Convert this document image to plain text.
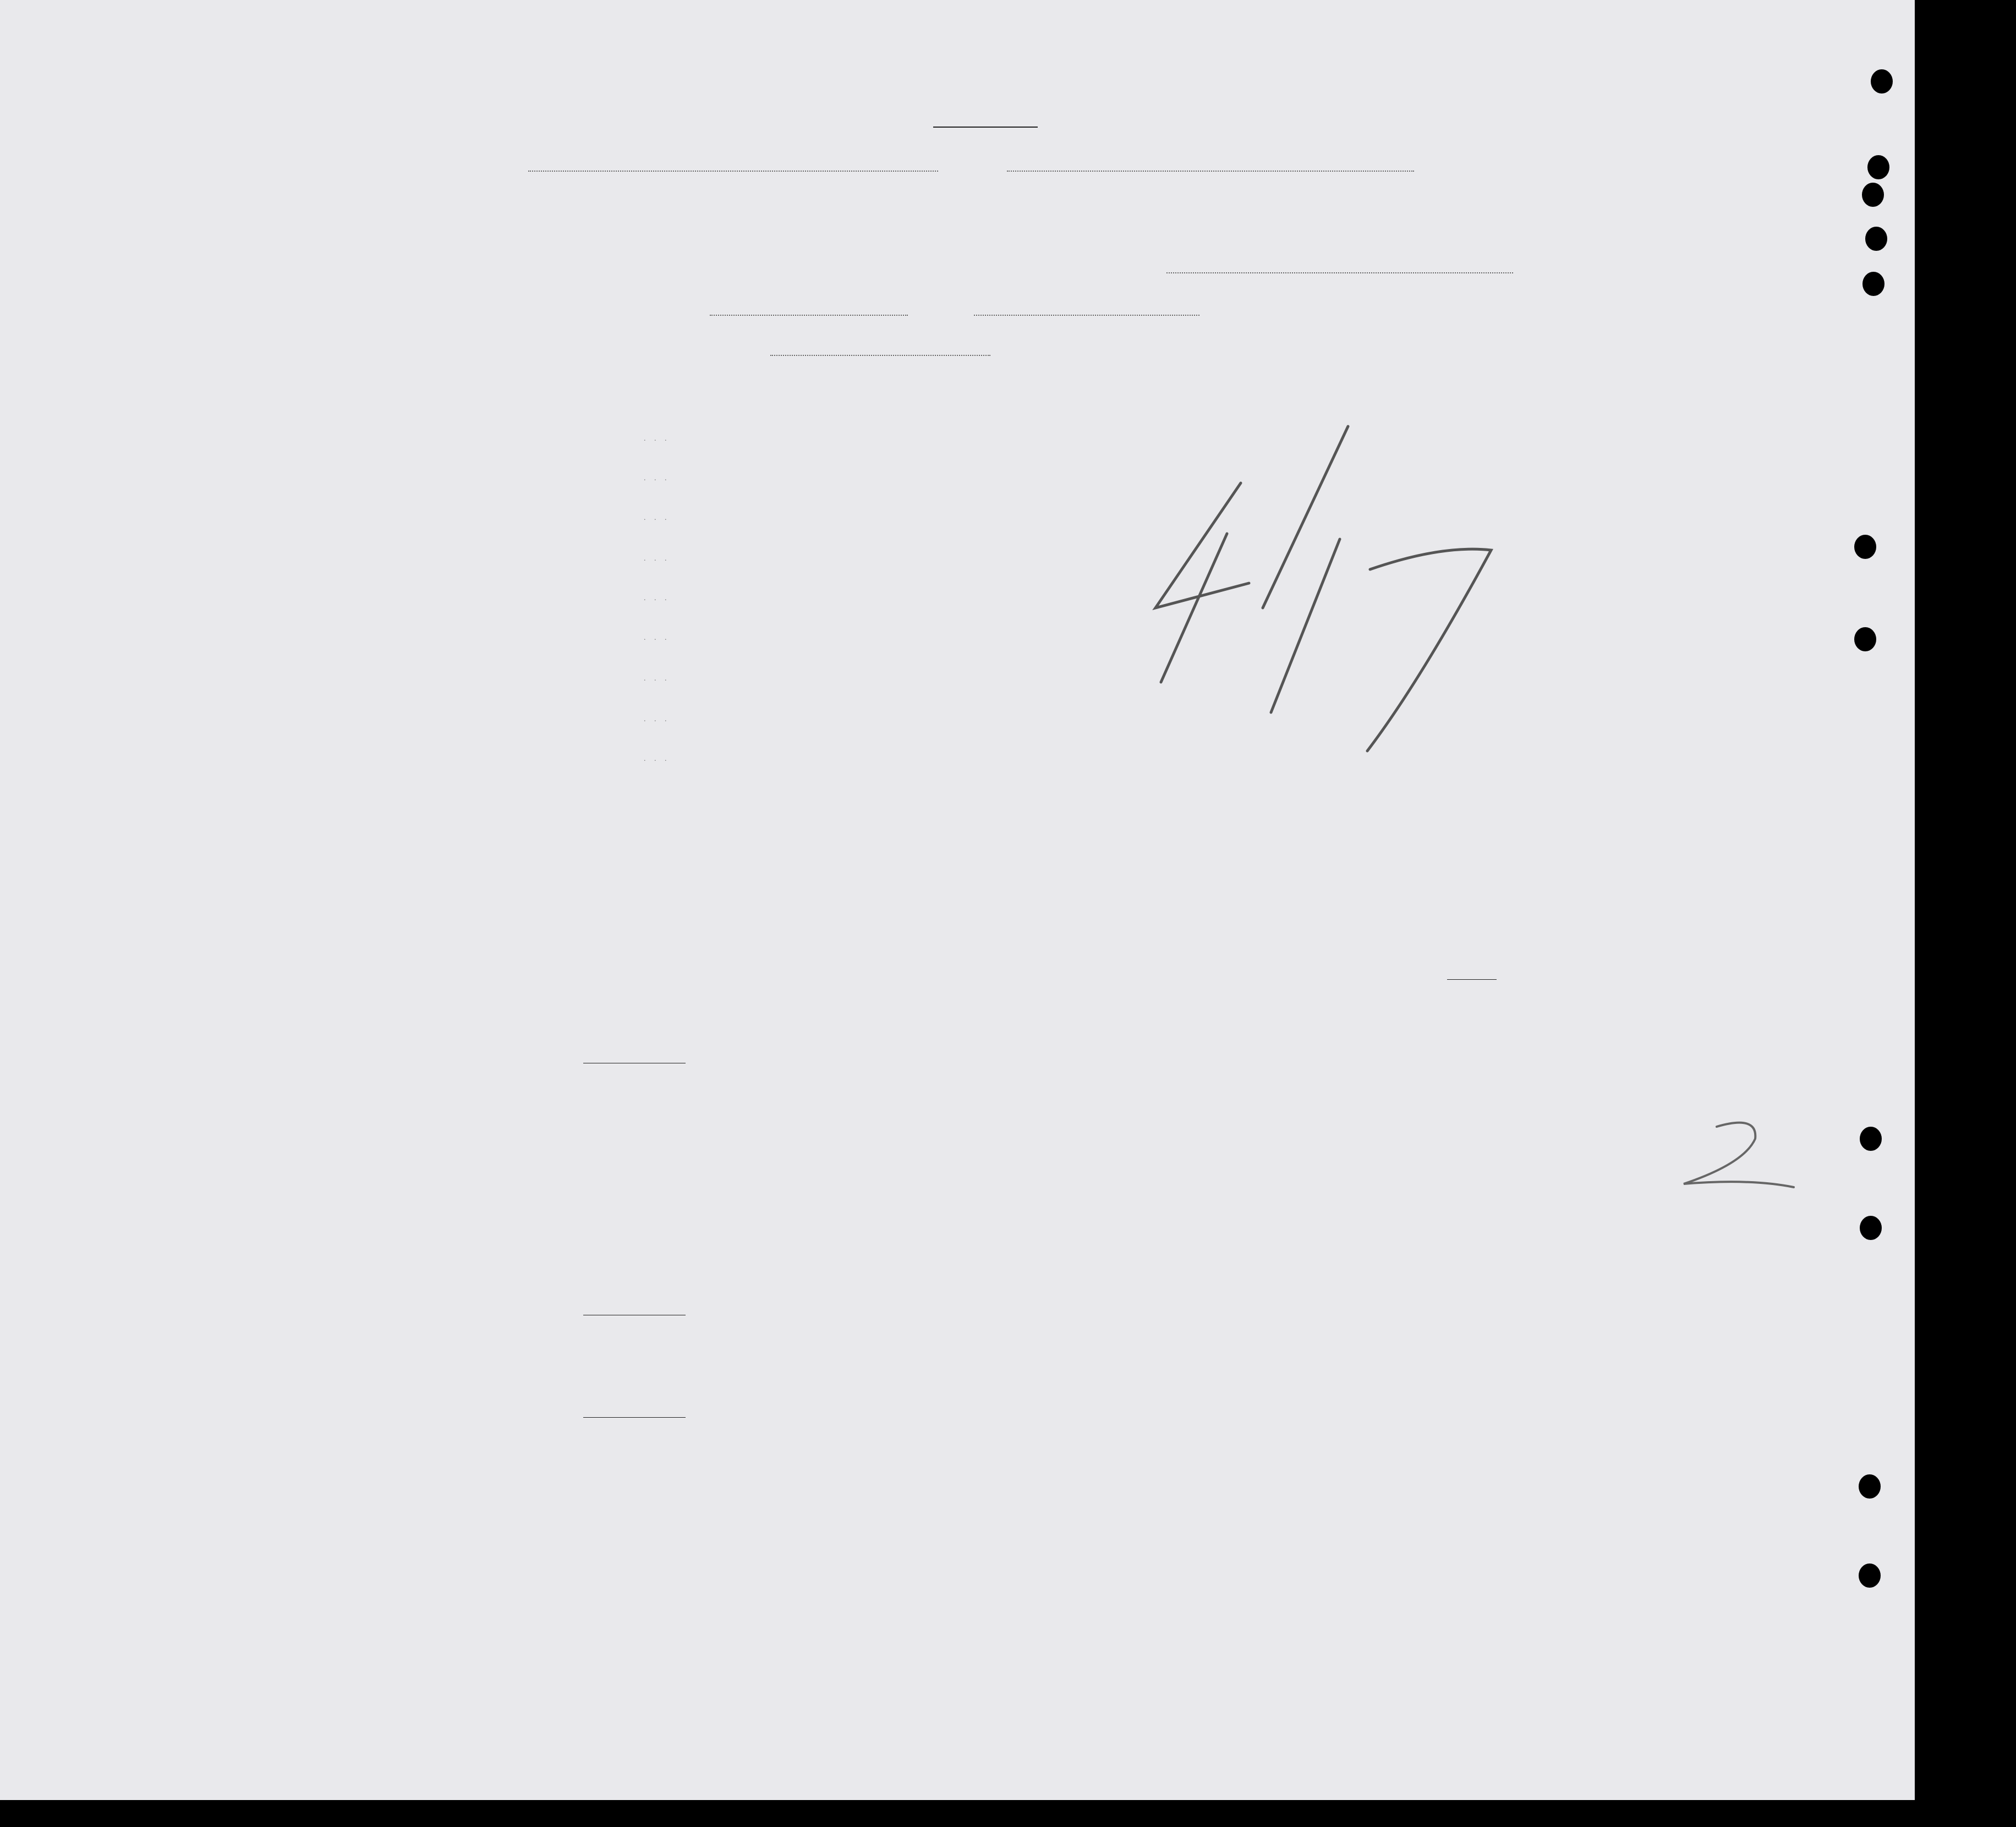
. . .
. . .
. . .
. . .
. . .
. . .
. . .
. . .
. . .
